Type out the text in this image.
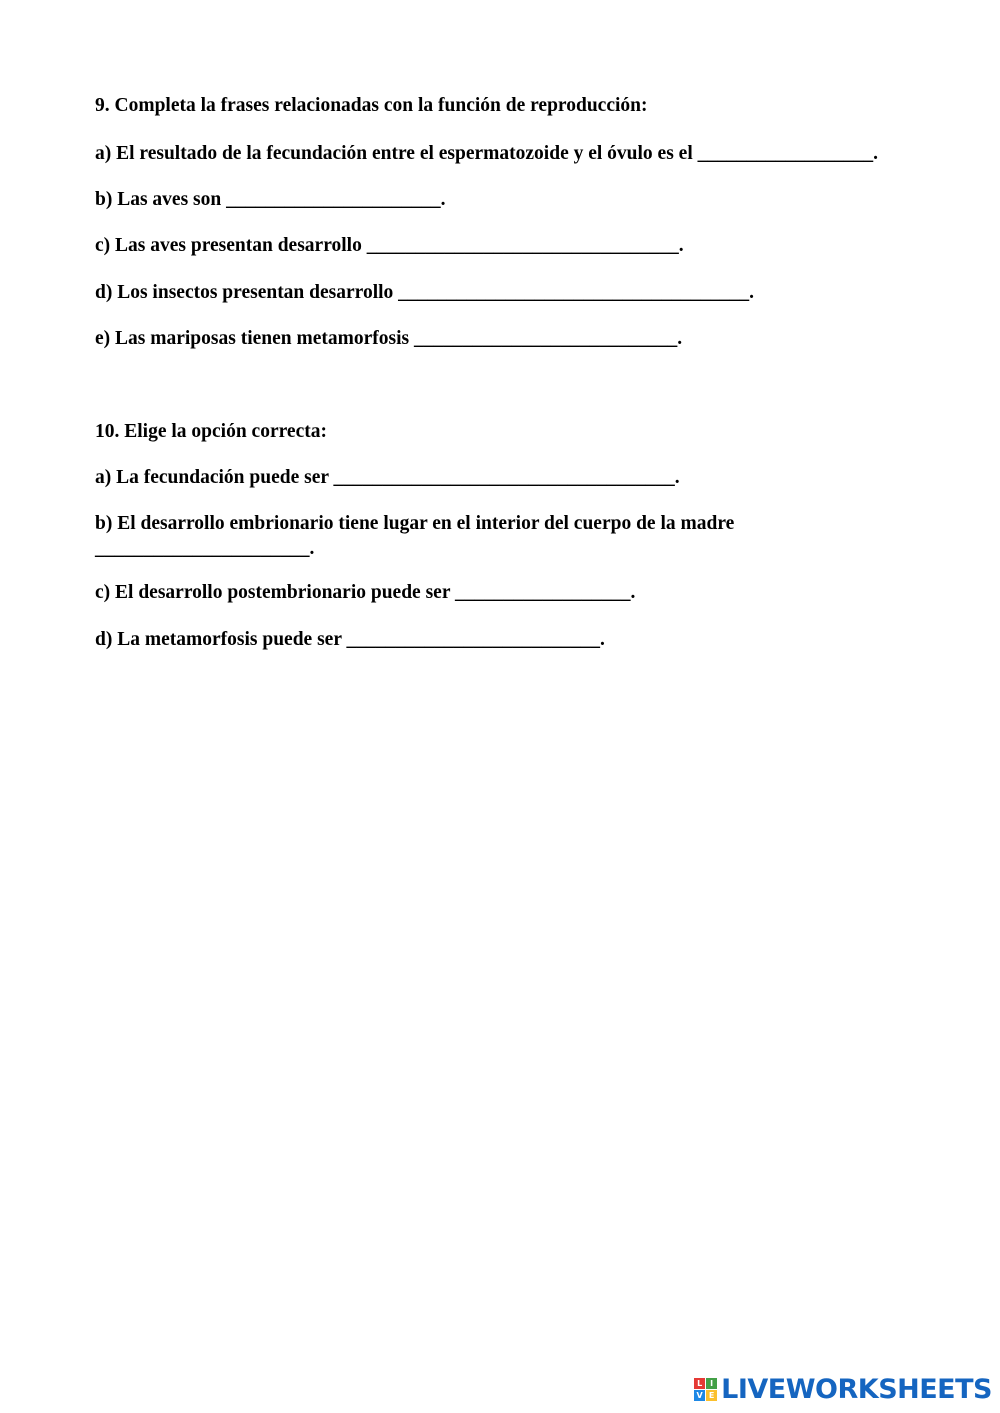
9. Completa la frases relacionadas con la función de reproducción:
a) El resultado de la fecundación entre el espermatozoide y el óvulo es el __________________.
b) Las aves son ______________________.
c) Las aves presentan desarrollo ________________________________.
d) Los insectos presentan desarrollo ____________________________________.
e) Las mariposas tienen metamorfosis ___________________________.
10. Elige la opción correcta:
a) La fecundación puede ser ___________________________________.
b) El desarrollo embrionario tiene lugar en el interior del cuerpo de la madre ______________________.
c) El desarrollo postembrionario puede ser __________________.
d) La metamorfosis puede ser __________________________.
L I
V E LIVEWORKSHEETS
